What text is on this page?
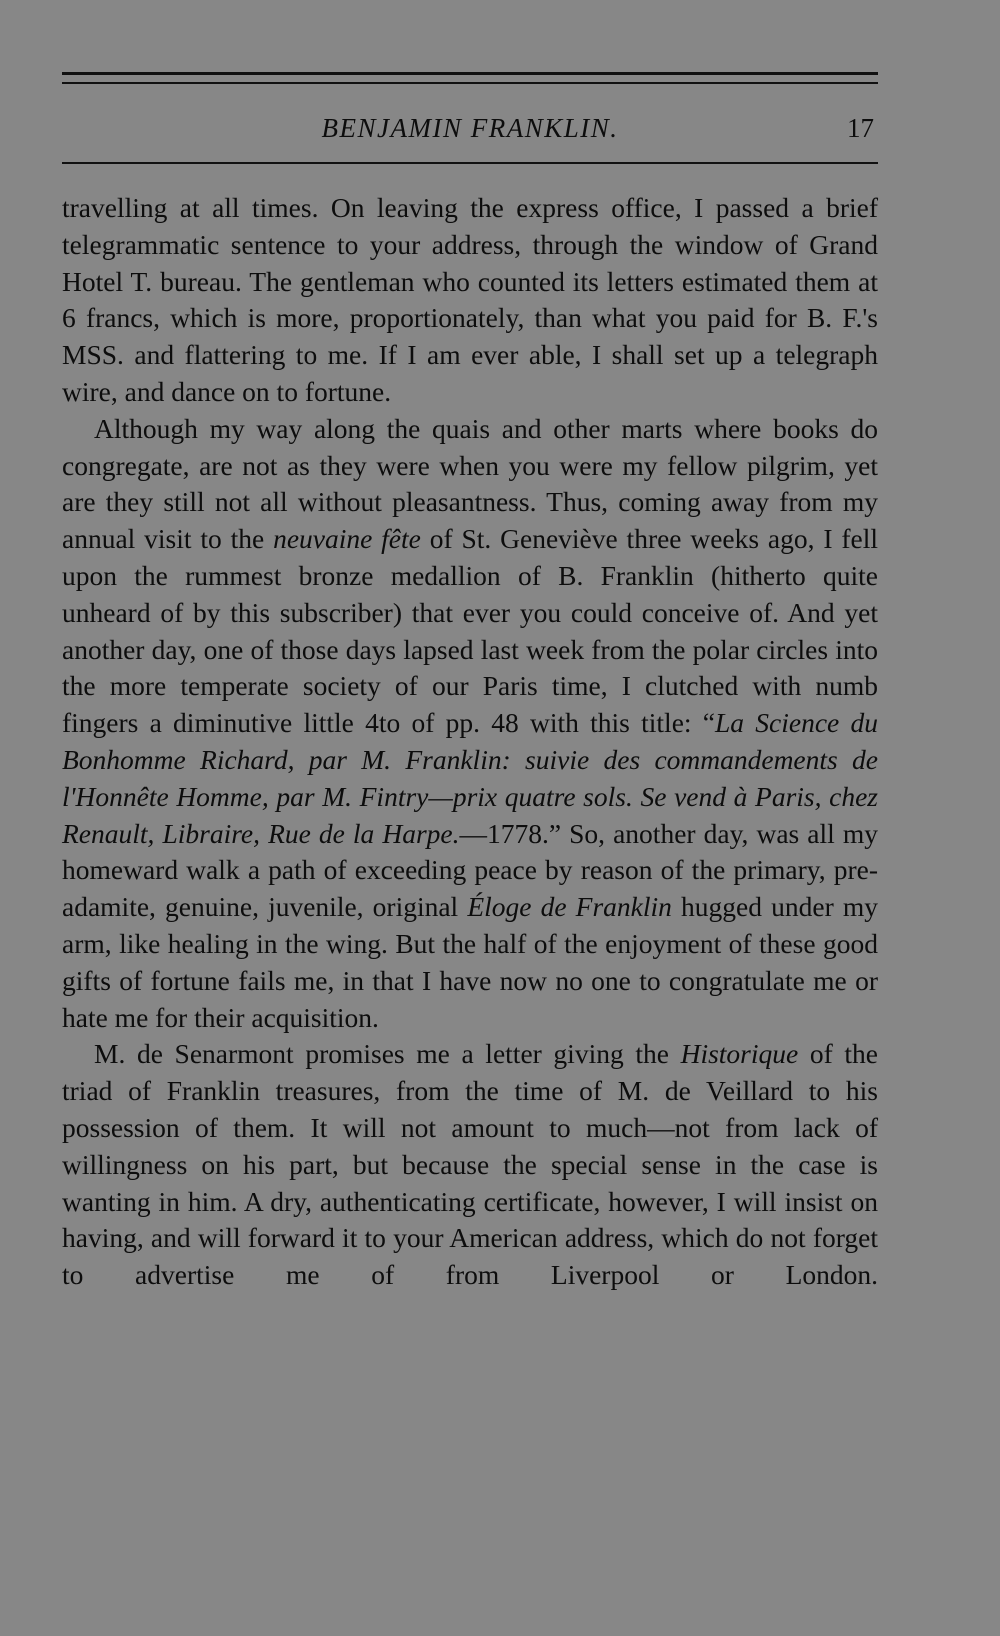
BENJAMIN FRANKLIN.	17

travelling at all times. On leaving the express office, I passed a brief telegrammatic sentence to your address, through the window of Grand Hotel T. bureau. The gentleman who counted its letters estimated them at 6 francs, which is more, proportionately, than what you paid for B. F.'s MSS. and flattering to me. If I am ever able, I shall set up a telegraph wire, and dance on to fortune.

Although my way along the quais and other marts where books do congregate, are not as they were when you were my fellow pilgrim, yet are they still not all without pleasantness. Thus, coming away from my annual visit to the neuvaine fête of St. Geneviève three weeks ago, I fell upon the rummest bronze medallion of B. Franklin (hitherto quite unheard of by this subscriber) that ever you could conceive of. And yet another day, one of those days lapsed last week from the polar circles into the more temperate society of our Paris time, I clutched with numb fingers a diminutive little 4to of pp. 48 with this title: “La Science du Bonhomme Richard, par M. Franklin: suivie des commandements de l'Honnête Homme, par M. Fintry—prix quatre sols. Se vend à Paris, chez Renault, Libraire, Rue de la Harpe.—1778.” So, another day, was all my homeward walk a path of exceeding peace by reason of the primary, pre-adamite, genuine, juvenile, original Éloge de Franklin hugged under my arm, like healing in the wing. But the half of the enjoyment of these good gifts of fortune fails me, in that I have now no one to congratulate me or hate me for their acquisition.

M. de Senarmont promises me a letter giving the Historique of the triad of Franklin treasures, from the time of M. de Veillard to his possession of them. It will not amount to much—not from lack of willingness on his part, but because the special sense in the case is wanting in him. A dry, authenticating certificate, however, I will insist on having, and will forward it to your American address, which do not forget to advertise me of from Liverpool or London.
